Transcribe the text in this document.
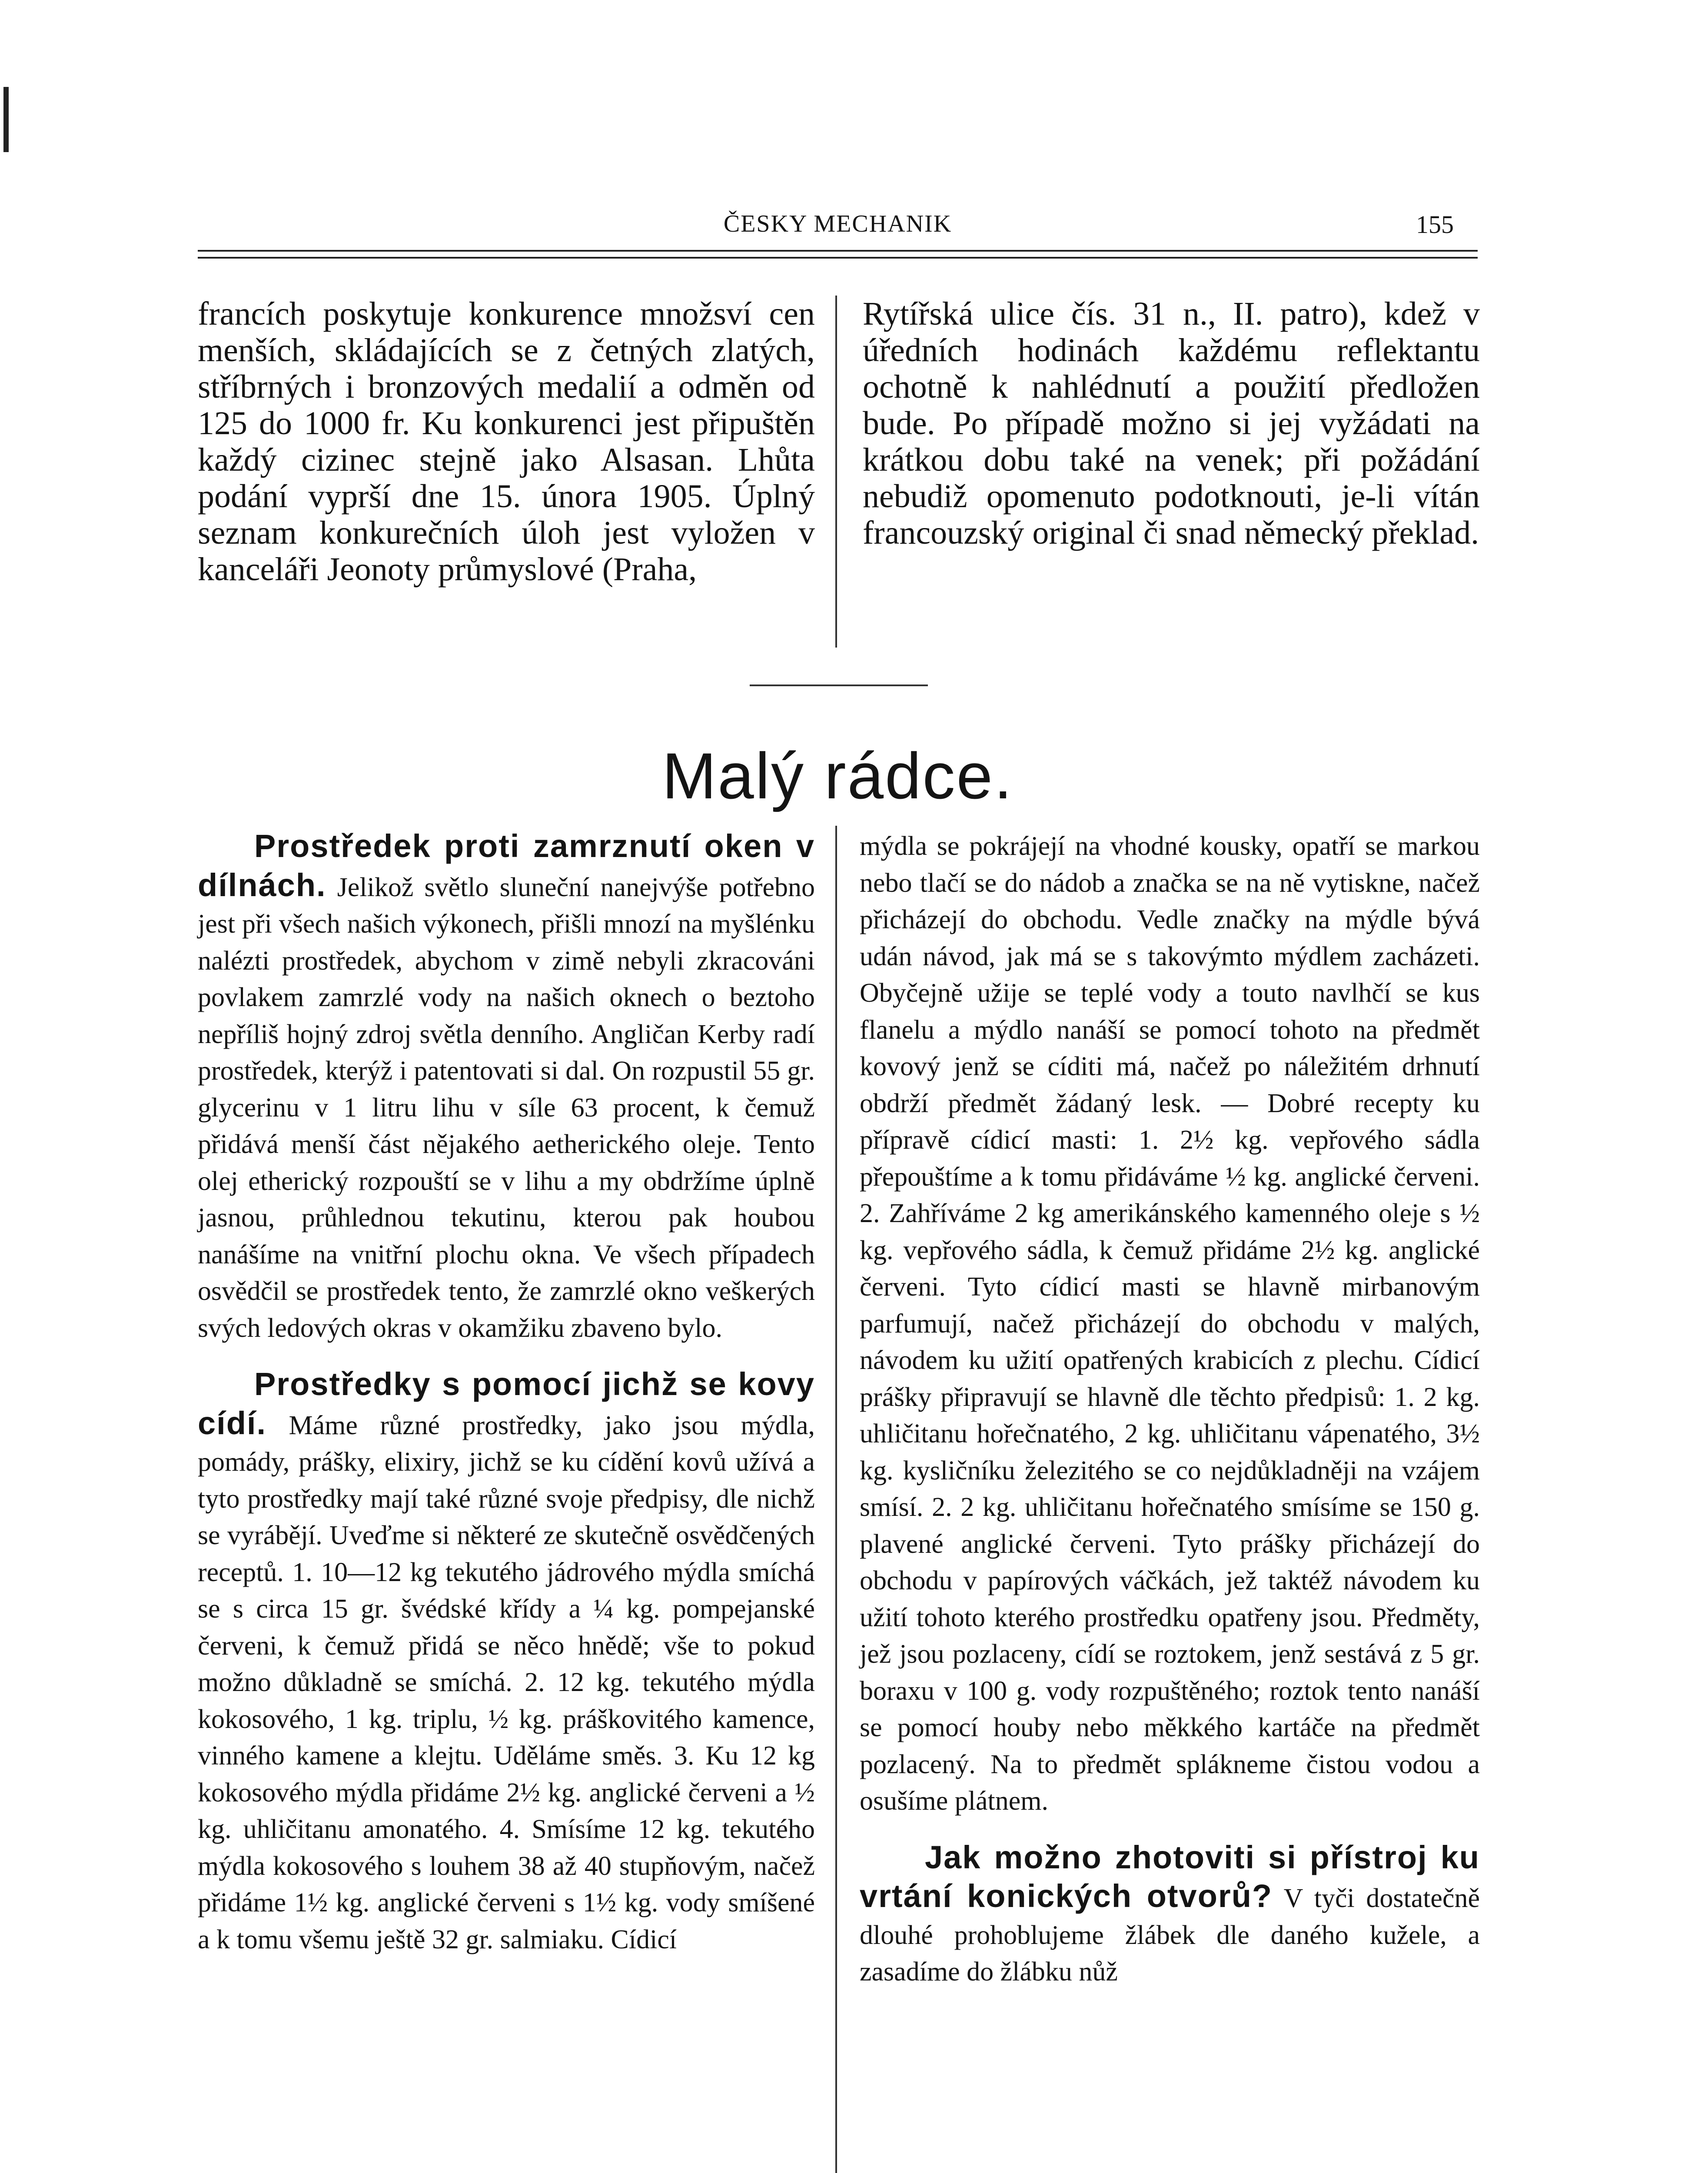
ČESKY MECHANIK	155

francích poskytuje konkurence množsví cen menších, skládajících se z četných zlatých, stříbrných i bronzových medalií a odměn od 125 do 1000 fr. Ku konkurenci jest připuštěn každý cizinec stejně jako Alsasan. Lhůta podání vyprší dne 15. února 1905. Úplný seznam konkurečních úloh jest vyložen v kanceláři Jeonoty průmyslové (Praha,

Rytířská ulice čís. 31 n., II. patro), kdež v úředních hodinách každému reflektantu ochotně k nahlédnutí a použití předložen bude. Po případě možno si jej vyžádati na krátkou dobu také na venek; při požádání nebudiž opomenuto podotknouti, je-li vítán francouzský original či snad německý překlad.

Malý rádce.

Prostředek proti zamrznutí oken v dílnách. Jelikož světlo sluneční nanejvýše potřebno jest při všech našich výkonech, přišli mnozí na myšlénku nalézti prostředek, abychom v zimě nebyli zkracováni povlakem zamrzlé vody na našich oknech o beztoho nepříliš hojný zdroj světla denního. Angličan Kerby radí prostředek, kterýž i patentovati si dal. On rozpustil 55 gr. glycerinu v 1 litru lihu v síle 63 procent, k čemuž přidává menší část nějakého aetherického oleje. Tento olej etherický rozpouští se v lihu a my obdržíme úplně jasnou, průhlednou tekutinu, kterou pak houbou nanášíme na vnitřní plochu okna. Ve všech případech osvědčil se prostředek tento, že zamrzlé okno veškerých svých ledových okras v okamžiku zbaveno bylo.

Prostředky s pomocí jichž se kovy cídí. Máme různé prostředky, jako jsou mýdla, pomády, prášky, elixiry, jichž se ku cídění kovů užívá a tyto prostředky mají také různé svoje předpisy, dle nichž se vyrábějí. Uveďme si některé ze skutečně osvědčených receptů. 1. 10—12 kg tekutého jádrového mýdla smíchá se s circa 15 gr. švédské křídy a ¼ kg. pompejanské červeni, k čemuž přidá se něco hnědě; vše to pokud možno důkladně se smíchá. 2. 12 kg. tekutého mýdla kokosového, 1 kg. triplu, ½ kg. práškovitého kamence, vinného kamene a klejtu. Uděláme směs. 3. Ku 12 kg kokosového mýdla přidáme 2½ kg. anglické červeni a ½ kg. uhličitanu amonatého. 4. Smísíme 12 kg. tekutého mýdla kokosového s louhem 38 až 40 stupňovým, načež přidáme 1½ kg. anglické červeni s 1½ kg. vody smíšené a k tomu všemu ještě 32 gr. salmiaku. Cídicí

mýdla se pokrájejí na vhodné kousky, opatří se markou nebo tlačí se do nádob a značka se na ně vytiskne, načež přicházejí do obchodu. Vedle značky na mýdle bývá udán návod, jak má se s takovýmto mýdlem zacházeti. Obyčejně užije se teplé vody a touto navlhčí se kus flanelu a mýdlo nanáší se pomocí tohoto na předmět kovový jenž se cíditi má, načež po náležitém drhnutí obdrží předmět žádaný lesk. — Dobré recepty ku přípravě cídicí masti: 1. 2½ kg. vepřového sádla přepouštíme a k tomu přidáváme ½ kg. anglické červeni. 2. Zahříváme 2 kg amerikánského kamenného oleje s ½ kg. vepřového sádla, k čemuž přidáme 2½ kg. anglické červeni. Tyto cídicí masti se hlavně mirbanovým parfumují, načež přicházejí do obchodu v malých, návodem ku užití opatřených krabicích z plechu. Cídicí prášky připravují se hlavně dle těchto předpisů: 1. 2 kg. uhličitanu hořečnatého, 2 kg. uhličitanu vápenatého, 3½ kg. kysličníku železitého se co nejdůkladněji na vzájem smísí. 2. 2 kg. uhličitanu hořečnatého smísíme se 150 g. plavené anglické červeni. Tyto prášky přicházejí do obchodu v papírových váčkách, jež taktéž návodem ku užití tohoto kterého prostředku opatřeny jsou. Předměty, jež jsou pozlaceny, cídí se roztokem, jenž sestává z 5 gr. boraxu v 100 g. vody rozpuštěného; roztok tento nanáší se pomocí houby nebo měkkého kartáče na předmět pozlacený. Na to předmět spláknemе čistou vodou a osušíme plátnem.

Jak možno zhotoviti si přístroj ku vrtání konických otvorů? V tyči dostatečně dlouhé prohoblujeme žlábek dle daného kužele, a zasadíme do žlábku nůž
